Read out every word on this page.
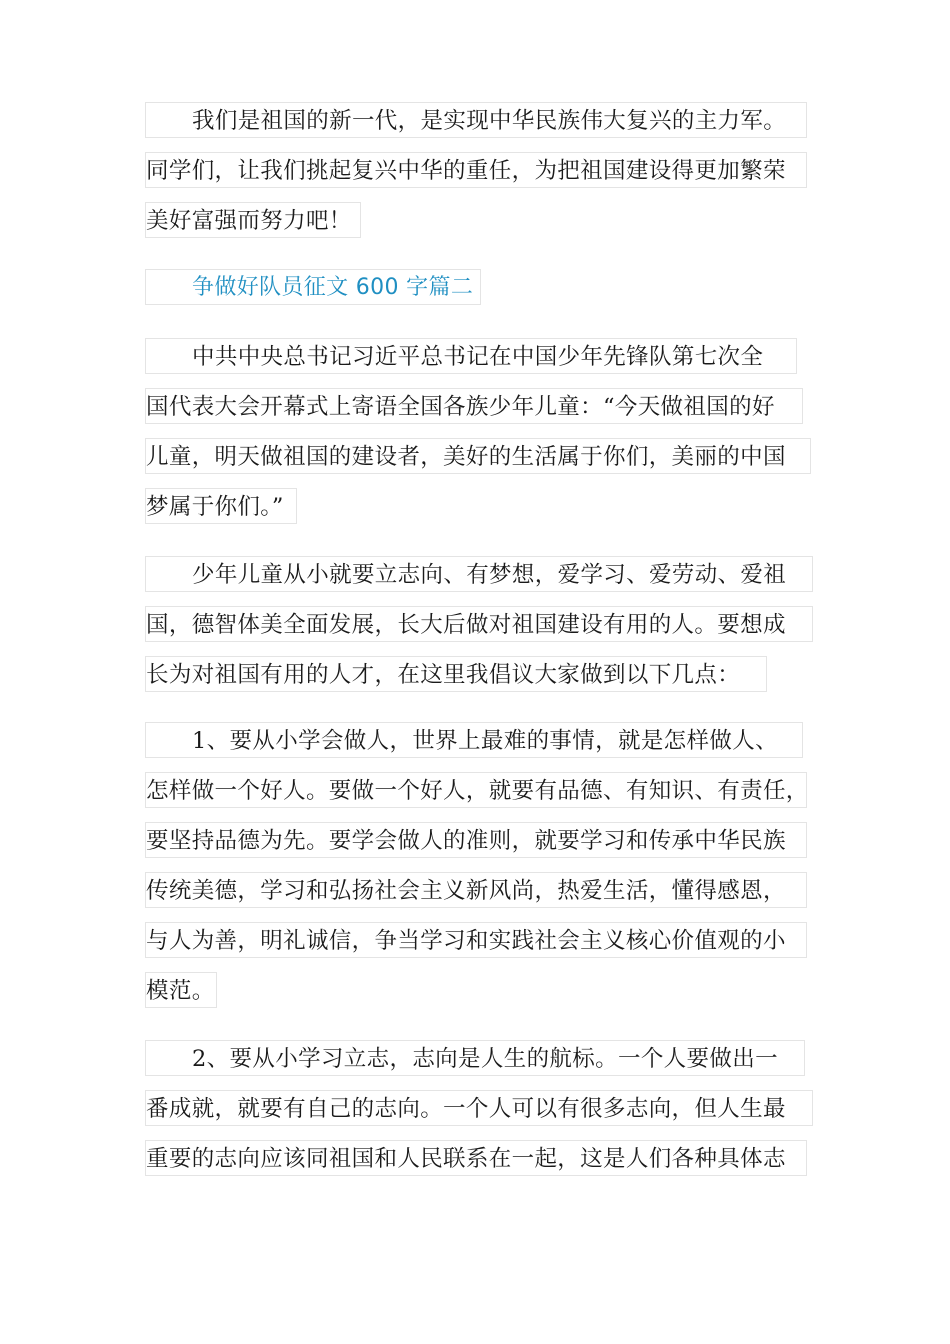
我们是祖国的新一代，是实现中华民族伟大复兴的主力军。
同学们，让我们挑起复兴中华的重任，为把祖国建设得更加繁荣
美好富强而努力吧！
争做好队员征文 600 字篇二
中共中央总书记习近平总书记在中国少年先锋队第七次全
国代表大会开幕式上寄语全国各族少年儿童：“今天做祖国的好
儿童，明天做祖国的建设者，美好的生活属于你们，美丽的中国
梦属于你们。”
少年儿童从小就要立志向、有梦想，爱学习、爱劳动、爱祖
国，德智体美全面发展，长大后做对祖国建设有用的人。要想成
长为对祖国有用的人才，在这里我倡议大家做到以下几点：
1、要从小学会做人，世界上最难的事情，就是怎样做人、
怎样做一个好人。要做一个好人，就要有品德、有知识、有责任，
要坚持品德为先。要学会做人的准则，就要学习和传承中华民族
传统美德，学习和弘扬社会主义新风尚，热爱生活，懂得感恩，
与人为善，明礼诚信，争当学习和实践社会主义核心价值观的小
模范。
2、要从小学习立志，志向是人生的航标。一个人要做出一
番成就，就要有自己的志向。一个人可以有很多志向，但人生最
重要的志向应该同祖国和人民联系在一起，这是人们各种具体志
